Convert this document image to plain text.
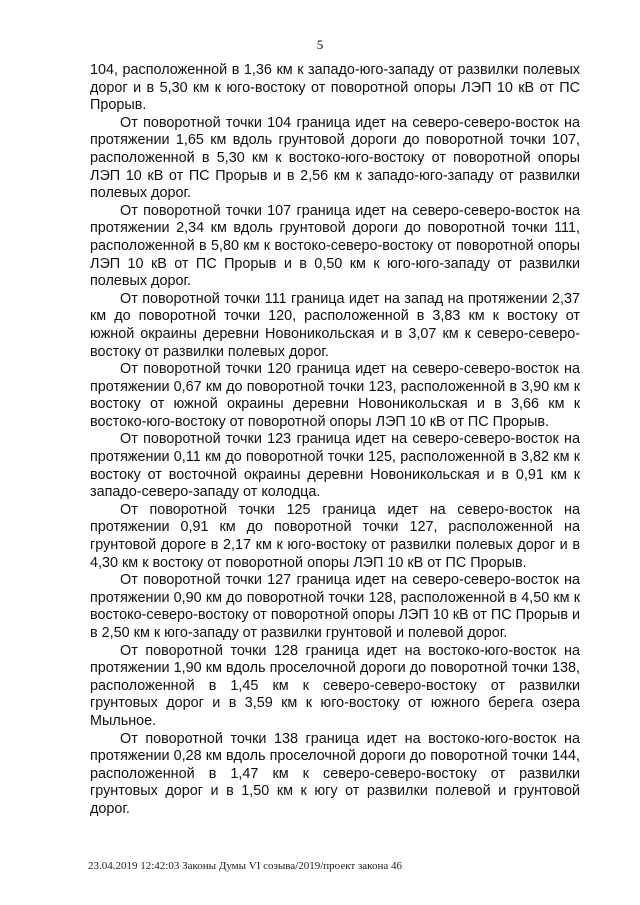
5

104, расположенной в 1,36 км к западо-юго-западу от развилки полевых дорог и в 5,30 км к юго-востоку от поворотной опоры ЛЭП 10 кВ от ПС Прорыв.

От поворотной точки 104 граница идет на северо-северо-восток на протяжении 1,65 км вдоль грунтовой дороги до поворотной точки 107, расположенной в 5,30 км к востоко-юго-востоку от поворотной опоры ЛЭП 10 кВ от ПС Прорыв и в 2,56 км к западо-юго-западу от развилки полевых дорог.

От поворотной точки 107 граница идет на северо-северо-восток на протяжении 2,34 км вдоль грунтовой дороги до поворотной точки 111, расположенной в 5,80 км к востоко-северо-востоку от поворотной опоры ЛЭП 10 кВ от ПС Прорыв и в 0,50 км к юго-юго-западу от развилки полевых дорог.

От поворотной точки 111 граница идет на запад на протяжении 2,37 км до поворотной точки 120, расположенной в 3,83 км к востоку от южной окраины деревни Новоникольская и в 3,07 км к северо-северо-востоку от развилки полевых дорог.

От поворотной точки 120 граница идет на северо-северо-восток на протяжении 0,67 км до поворотной точки 123, расположенной в 3,90 км к востоку от южной окраины деревни Новоникольская и в 3,66 км к востоко-юго-востоку от поворотной опоры ЛЭП 10 кВ от ПС Прорыв.

От поворотной точки 123 граница идет на северо-северо-восток на протяжении 0,11 км до поворотной точки 125, расположенной в 3,82 км к востоку от восточной окраины деревни Новоникольская и в 0,91 км к западо-северо-западу от колодца.

От поворотной точки 125 граница идет на северо-восток на протяжении 0,91 км до поворотной точки 127, расположенной на грунтовой дороге в 2,17 км к юго-востоку от развилки полевых дорог и в 4,30 км к востоку от поворотной опоры ЛЭП 10 кВ от ПС Прорыв.

От поворотной точки 127 граница идет на северо-северо-восток на протяжении 0,90 км до поворотной точки 128, расположенной в 4,50 км к востоко-северо-востоку от поворотной опоры ЛЭП 10 кВ от ПС Прорыв и в 2,50 км к юго-западу от развилки грунтовой и полевой дорог.

От поворотной точки 128 граница идет на востоко-юго-восток на протяжении 1,90 км вдоль проселочной дороги до поворотной точки 138, расположенной в 1,45 км к северо-северо-востоку от развилки грунтовых дорог и в 3,59 км к юго-востоку от южного берега озера Мыльное.

От поворотной точки 138 граница идет на востоко-юго-восток на протяжении 0,28 км вдоль проселочной дороги до поворотной точки 144, расположенной в 1,47 км к северо-северо-востоку от развилки грунтовых дорог и в 1,50 км к югу от развилки полевой и грунтовой дорог.

23.04.2019 12:42:03 Законы Думы VI созыва/2019/проект закона 46
